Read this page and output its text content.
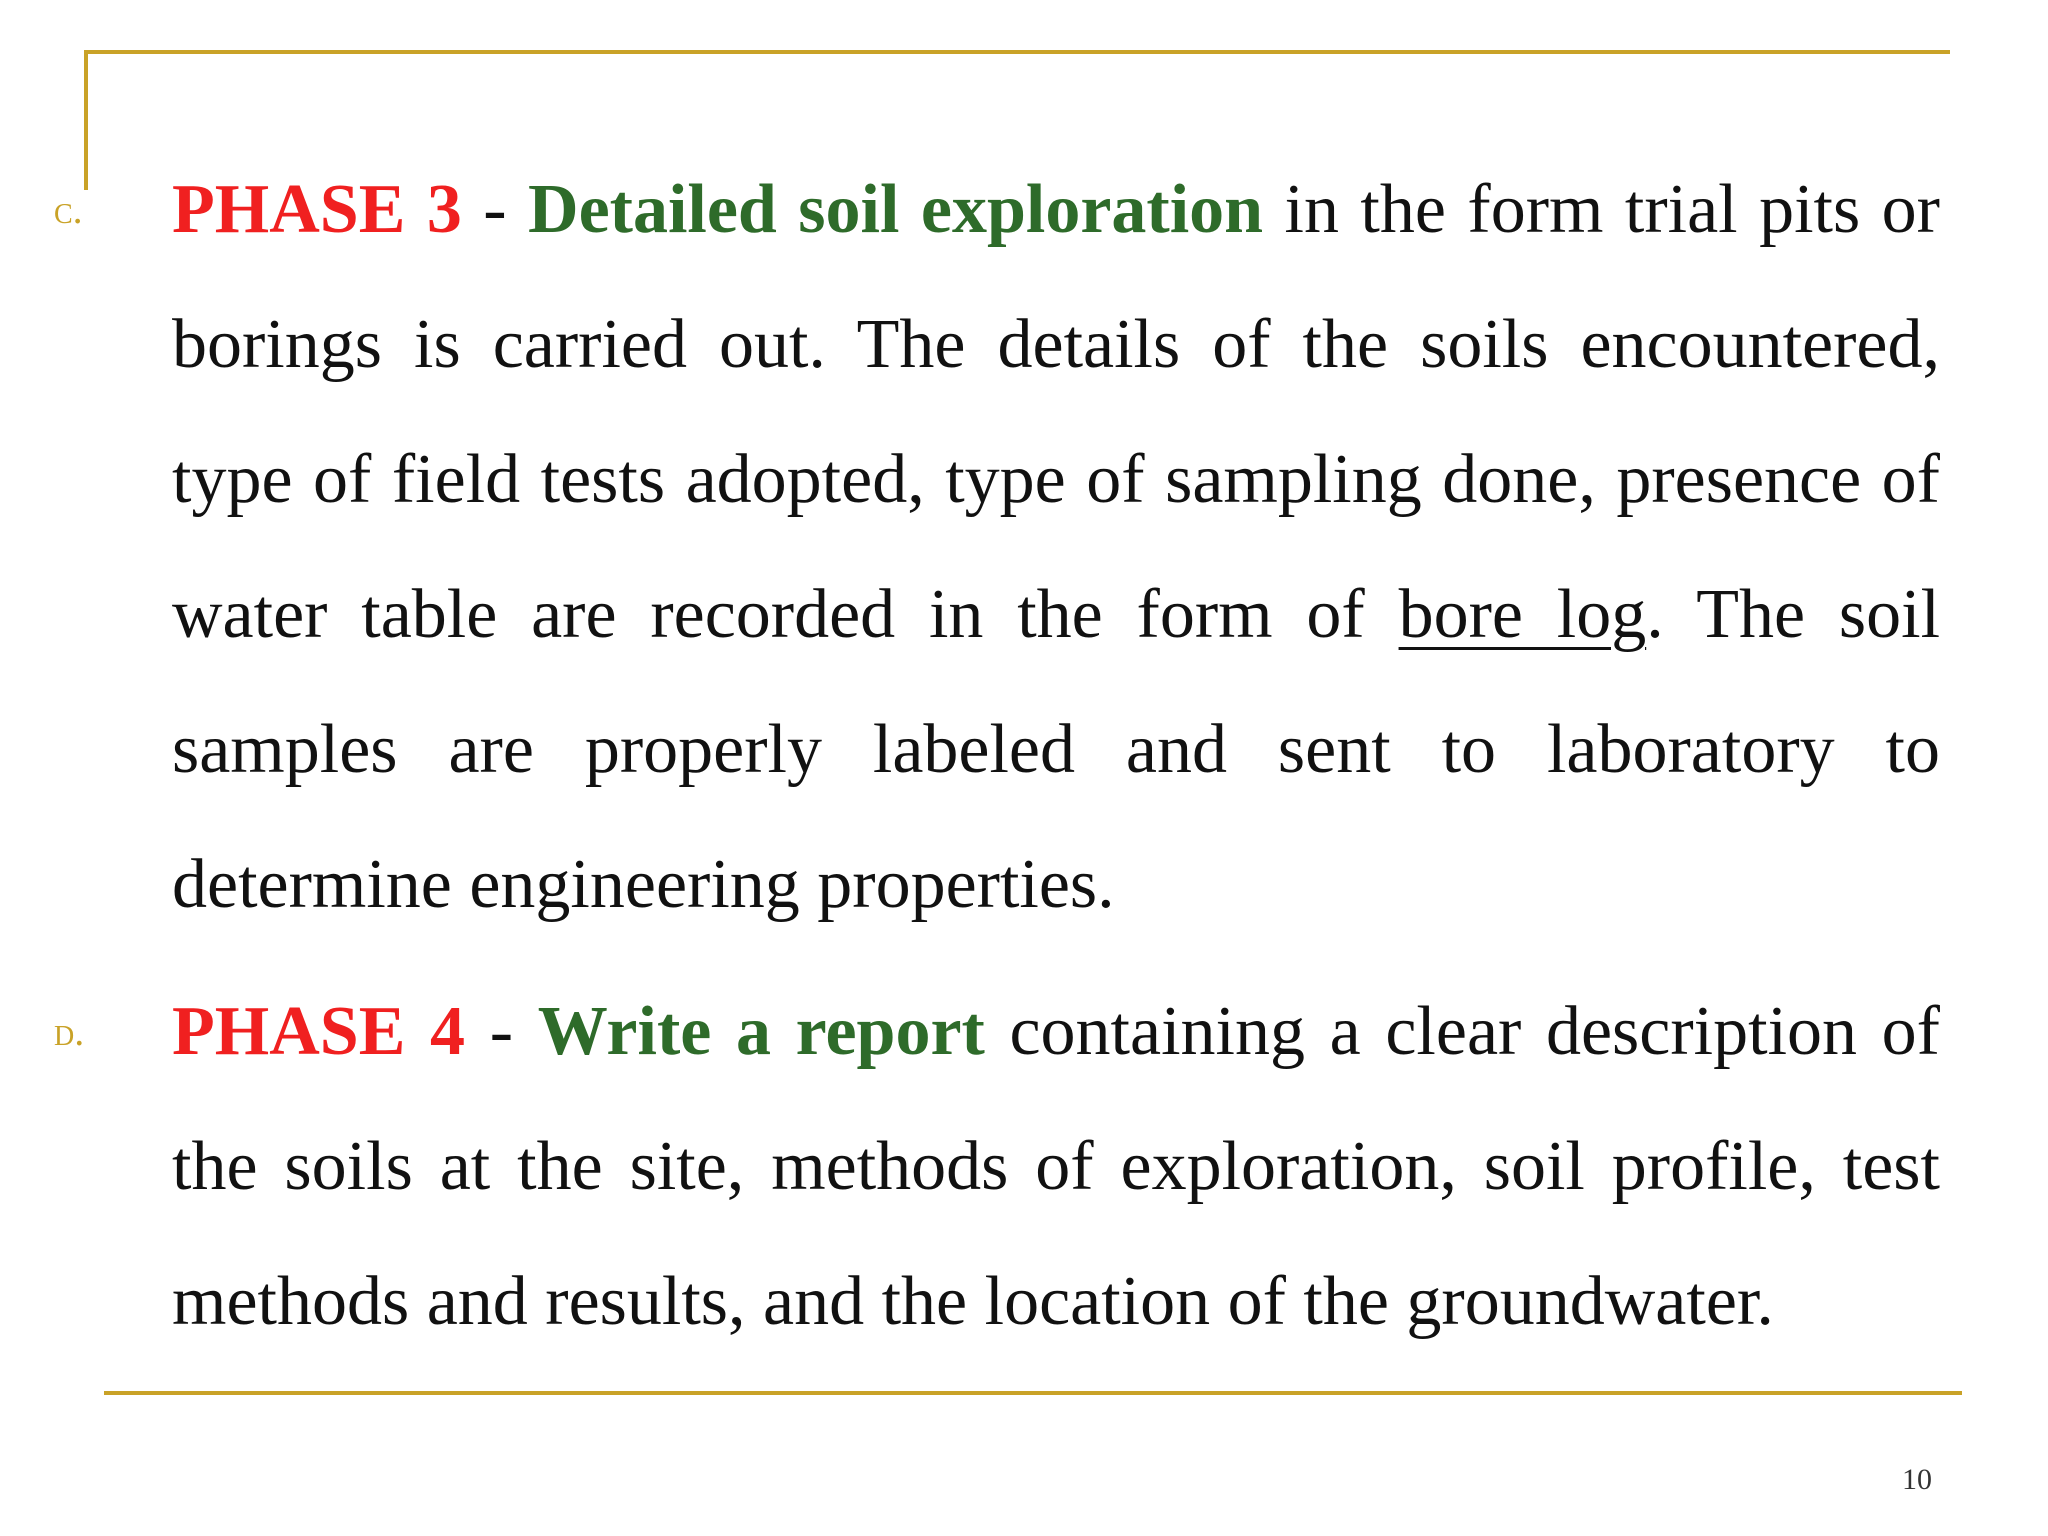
c. PHASE 3 - Detailed soil exploration in the form trial pits or borings is carried out. The details of the soils encountered, type of field tests adopted, type of sampling done, presence of water table are recorded in the form of bore log. The soil samples are properly labeled and sent to laboratory to determine engineering properties.
d. PHASE 4 - Write a report containing a clear description of the soils at the site, methods of exploration, soil profile, test methods and results, and the location of the groundwater.
10
